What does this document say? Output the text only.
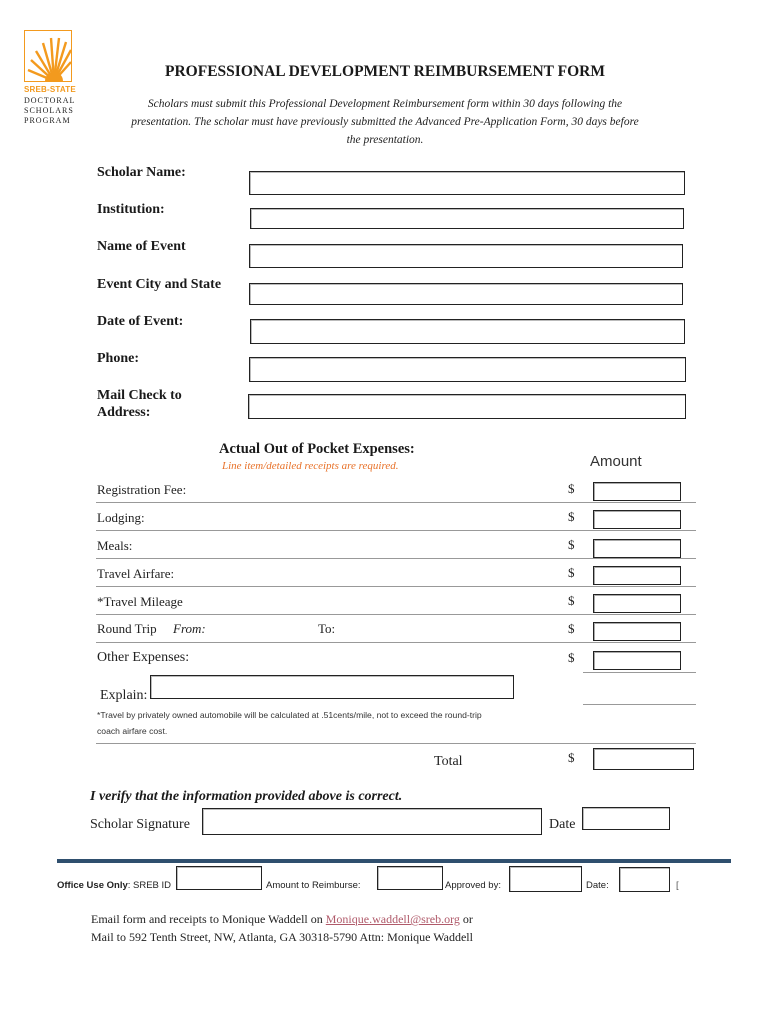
SREB-STATE
DOCTORAL
SCHOLARS
PROGRAM
PROFESSIONAL DEVELOPMENT REIMBURSEMENT FORM
Scholars must submit this Professional Development Reimbursement form within 30 days following the
presentation. The scholar must have previously submitted the Advanced Pre-Application Form, 30 days before
the presentation.
Scholar Name:
Institution:
Name of Event
Event City and State
Date of Event:
Phone:
Mail Check to
Address:
Actual Out of Pocket Expenses:
Line item/detailed receipts are required.	Amount
Registration Fee:	$
Lodging:	$
Meals:	$
Travel Airfare:	$
*Travel Mileage	$
Round Trip From:	To:	$
Other Expenses:	$
Explain:
*Travel by privately owned automobile will be calculated at .51cents/mile, not to exceed the round-trip
coach airfare cost.
Total	$
I verify that the information provided above is correct.
Scholar Signature	Date
Office Use Only: SREB ID	Amount to Reimburse:	Approved by:	Date:	[
Email form and receipts to Monique Waddell on Monique.waddell@sreb.org or
Mail to 592 Tenth Street, NW, Atlanta, GA 30318-5790 Attn: Monique Waddell
